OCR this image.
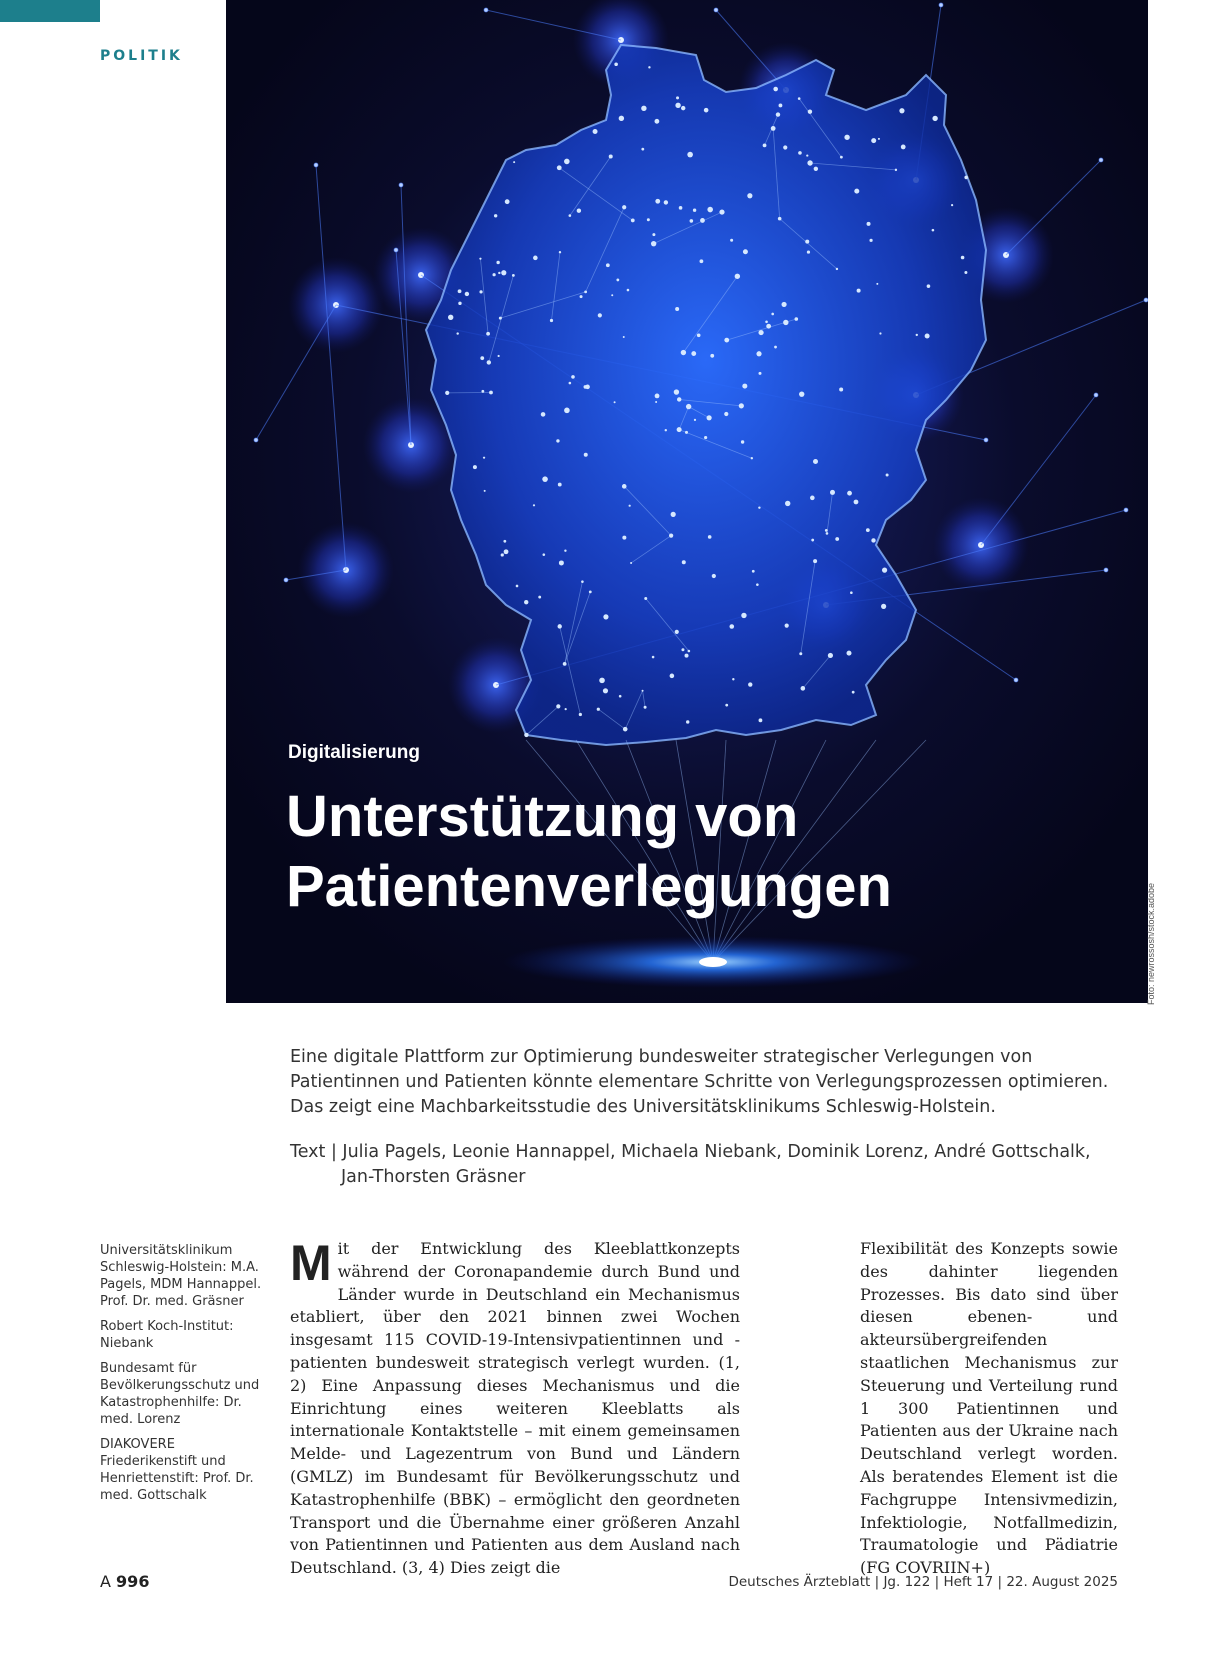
POLITIK
Digitalisierung
Unterstützung von
Patientenverlegungen	Foto: newrossosh/stock.adobe

Eine digitale Plattform zur Optimierung bundesweiter strategischer Verlegungen von Patientinnen und Patienten könnte elementare Schritte von Verlegungsprozessen optimieren. Das zeigt eine Machbarkeitsstudie des Universitätsklinikums Schleswig-Holstein.

Text | Julia Pagels, Leonie Hannappel, Michaela Niebank, Dominik Lorenz, André Gottschalk,
Jan-Thorsten Gräsner
Universitätsklinikum Schleswig-Holstein: M.A. Pagels, MDM Hannappel. Prof. Dr. med. Gräsner
Robert Koch-Institut: Niebank
Bundesamt für Bevölkerungsschutz und Katastrophenhilfe: Dr. med. Lorenz
DIAKOVERE Friederikenstift und Henriettenstift: Prof. Dr. med. Gottschalk

Mit der Entwicklung des Kleeblattkonzepts während der Coronapandemie durch Bund und Länder wurde in Deutschland ein Mechanismus etabliert, über den 2021 binnen zwei Wochen insgesamt 115 COVID-19-Intensivpatientinnen und -patienten bundesweit strategisch verlegt wurden. (1, 2) Eine Anpassung dieses Mechanismus und die Einrichtung eines weiteren Kleeblatts als internationale Kontaktstelle – mit einem gemeinsamen Melde- und Lagezentrum von Bund und Ländern (GMLZ) im Bundesamt für Bevölkerungsschutz und Katastrophenhilfe (BBK) – ermöglicht den geordneten Transport und die Übernahme einer größeren Anzahl von Patientinnen und Patienten aus dem Ausland nach Deutschland. (3, 4) Dies zeigt die

Flexibilität des Konzepts sowie des dahinter liegenden Prozesses. Bis dato sind über diesen ebenen- und akteursübergreifenden staatlichen Mechanismus zur Steuerung und Verteilung rund 1 300 Patientinnen und Patienten aus der Ukraine nach Deutschland verlegt worden. Als beratendes Element ist die Fachgruppe Intensivmedizin, Infektiologie, Notfallmedizin, Traumatologie und Pädiatrie (FG COVRIIN+)

A 996	Deutsches Ärzteblatt | Jg. 122 | Heft 17 | 22. August 2025
